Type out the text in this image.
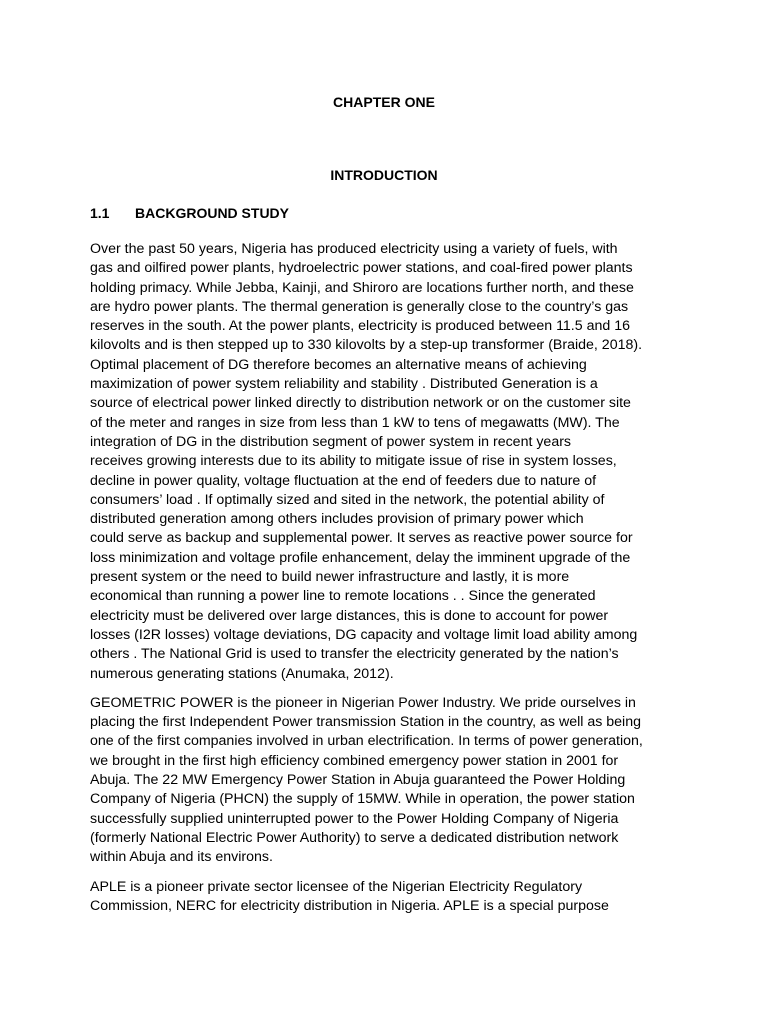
CHAPTER ONE
INTRODUCTION
1.1 BACKGROUND STUDY

Over the past 50 years, Nigeria has produced electricity using a variety of fuels, with
gas and oilfired power plants, hydroelectric power stations, and coal-fired power plants
holding primacy. While Jebba, Kainji, and Shiroro are locations further north, and these
are hydro power plants. The thermal generation is generally close to the country’s gas
reserves in the south. At the power plants, electricity is produced between 11.5 and 16
kilovolts and is then stepped up to 330 kilovolts by a step-up transformer (Braide, 2018).
Optimal placement of DG therefore becomes an alternative means of achieving
maximization of power system reliability and stability . Distributed Generation is a
source of electrical power linked directly to distribution network or on the customer site
of the meter and ranges in size from less than 1 kW to tens of megawatts (MW). The
integration of DG in the distribution segment of power system in recent years
receives growing interests due to its ability to mitigate issue of rise in system losses,
decline in power quality, voltage fluctuation at the end of feeders due to nature of
consumers’ load . If optimally sized and sited in the network, the potential ability of
distributed generation among others includes provision of primary power which
could serve as backup and supplemental power. It serves as reactive power source for
loss minimization and voltage profile enhancement, delay the imminent upgrade of the
present system or the need to build newer infrastructure and lastly, it is more
economical than running a power line to remote locations . . Since the generated
electricity must be delivered over large distances, this is done to account for power
losses (I2R losses) voltage deviations, DG capacity and voltage limit load ability among
others . The National Grid is used to transfer the electricity generated by the nation’s
numerous generating stations (Anumaka, 2012).

GEOMETRIC POWER is the pioneer in Nigerian Power Industry. We pride ourselves in
placing the first Independent Power transmission Station in the country, as well as being
one of the first companies involved in urban electrification. In terms of power generation,
we brought in the first high efficiency combined emergency power station in 2001 for
Abuja. The 22 MW Emergency Power Station in Abuja guaranteed the Power Holding
Company of Nigeria (PHCN) the supply of 15MW. While in operation, the power station
successfully supplied uninterrupted power to the Power Holding Company of Nigeria
(formerly National Electric Power Authority) to serve a dedicated distribution network
within Abuja and its environs.

APLE is a pioneer private sector licensee of the Nigerian Electricity Regulatory
Commission, NERC for electricity distribution in Nigeria. APLE is a special purpose
